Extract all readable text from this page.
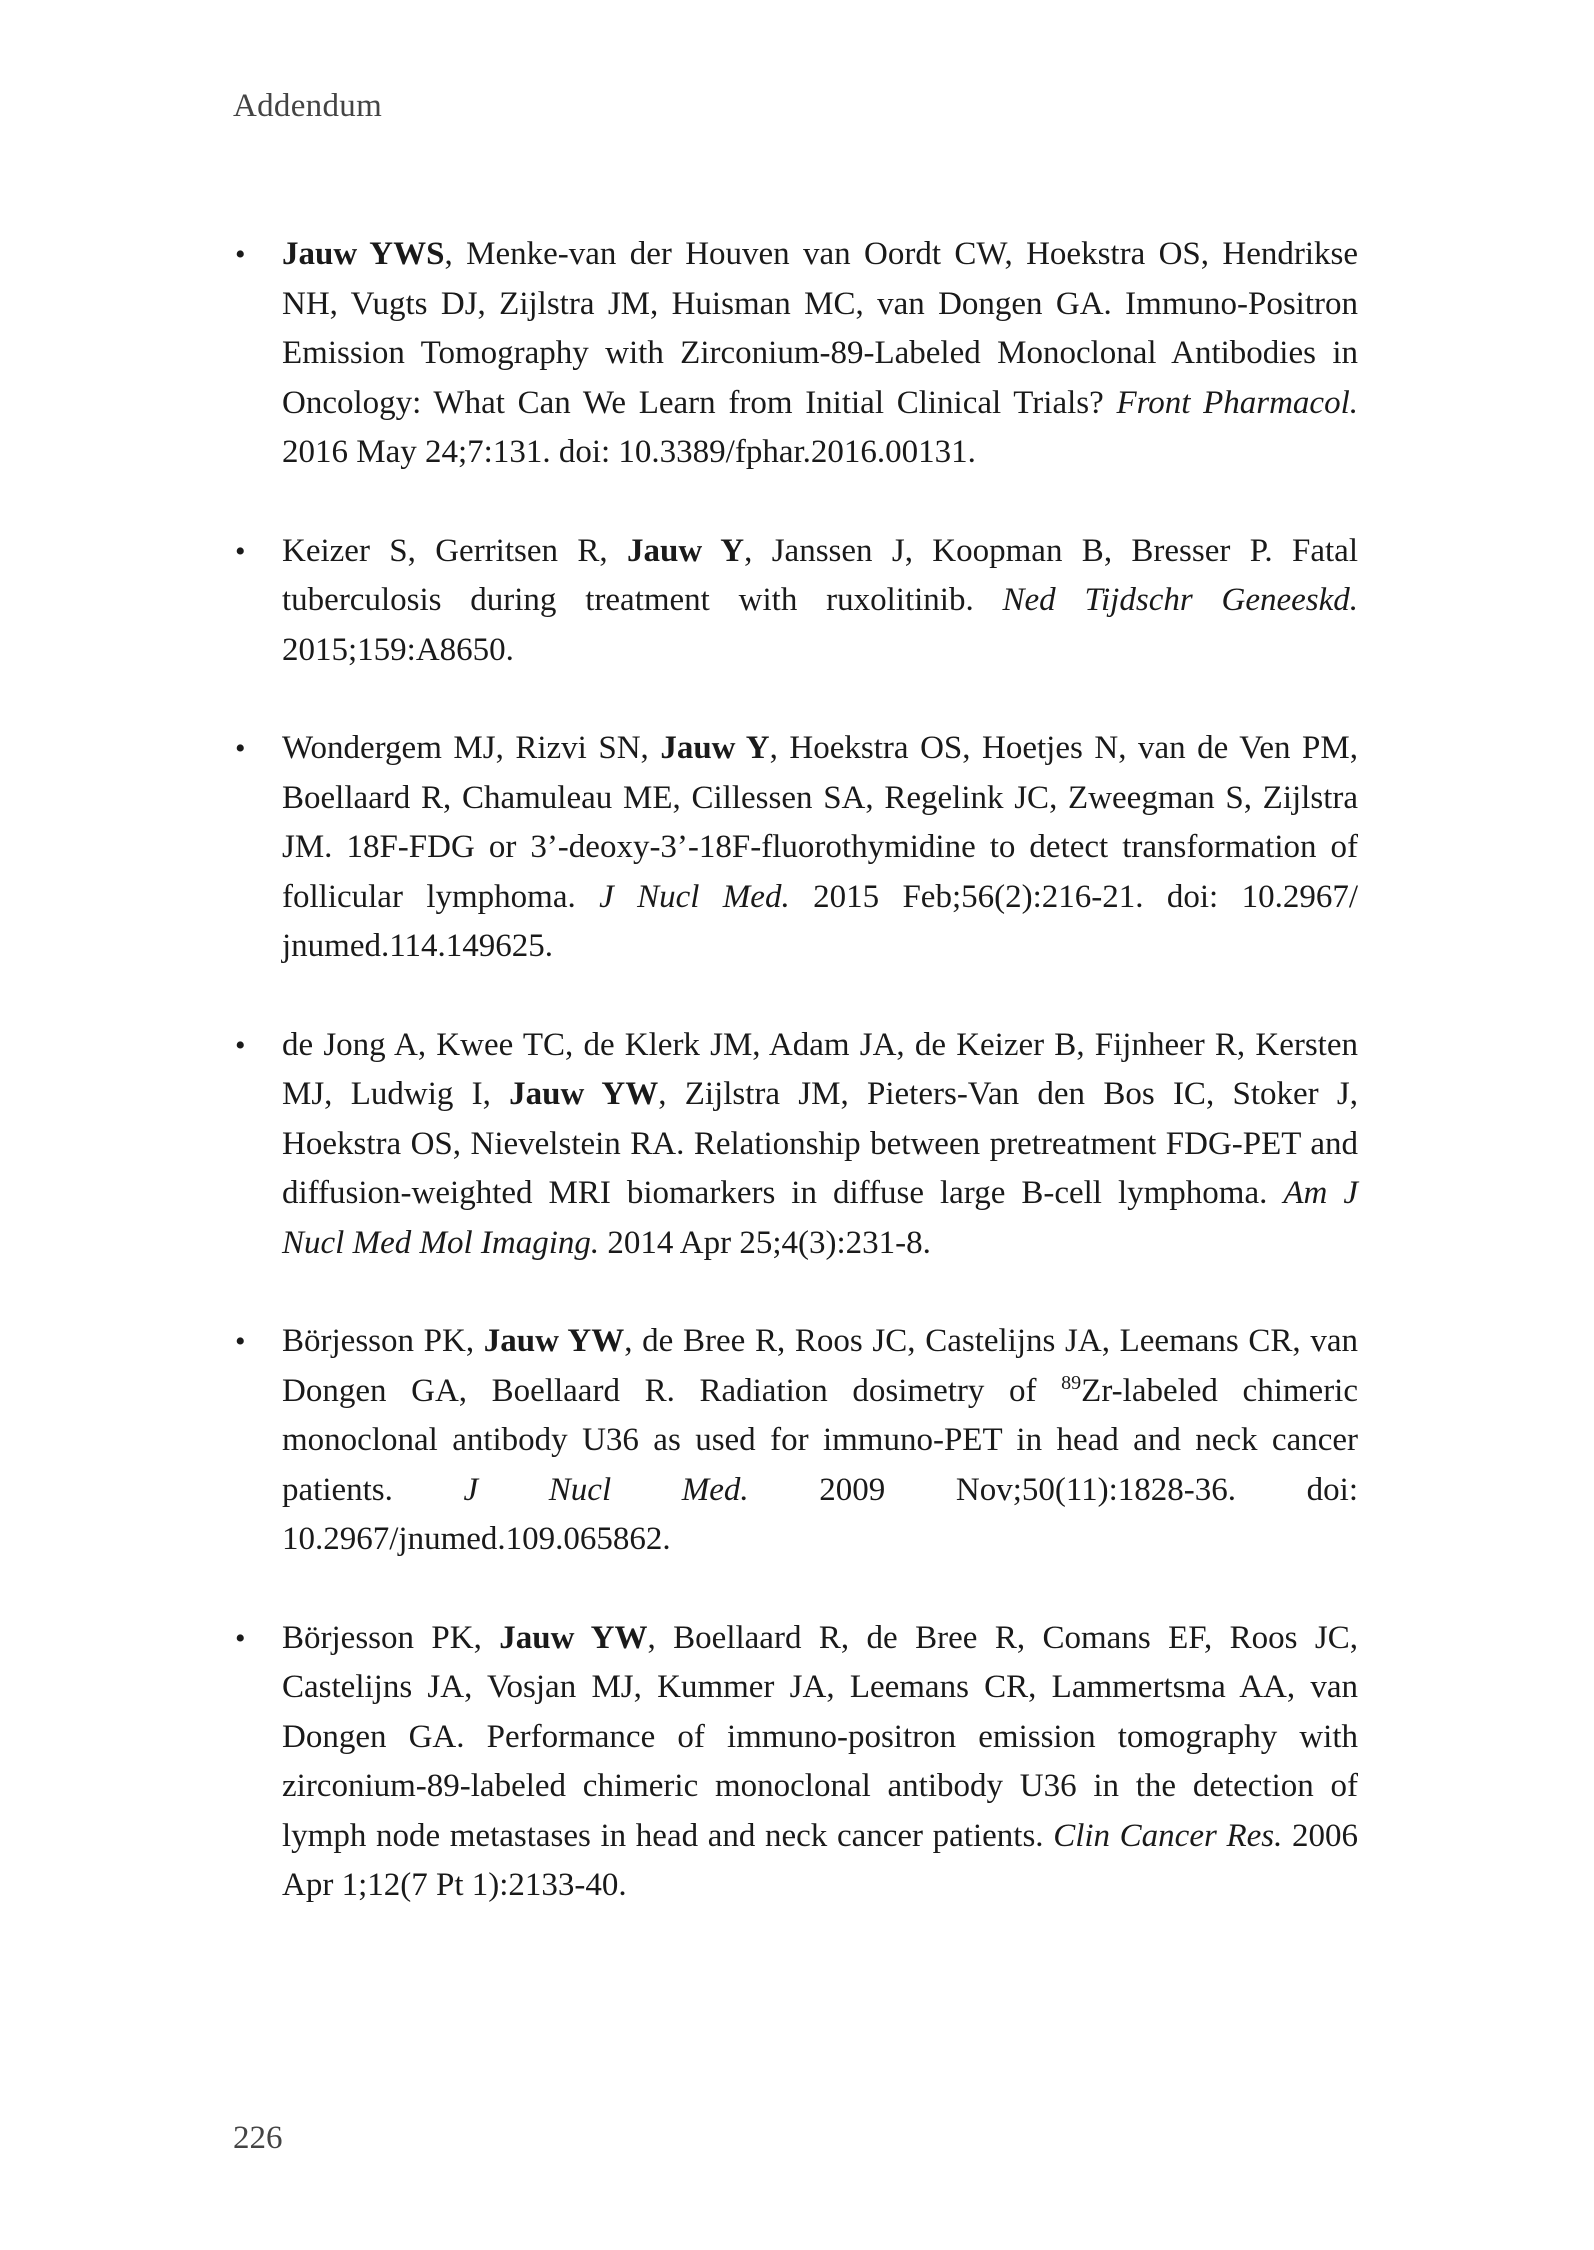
Addendum
• Jauw YWS, Menke-van der Houven van Oordt CW, Hoekstra OS, Hendrikse NH, Vugts DJ, Zijlstra JM, Huisman MC, van Dongen GA. Immuno-Positron Emission Tomography with Zirconium-89-Labeled Monoclonal Antibodies in Oncology: What Can We Learn from Initial Clinical Trials? Front Pharmacol. 2016 May 24;7:131. doi: 10.3389/fphar.2016.00131.
• Keizer S, Gerritsen R, Jauw Y, Janssen J, Koopman B, Bresser P. Fatal tuberculosis during treatment with ruxolitinib. Ned Tijdschr Geneeskd. 2015;159:A8650.
• Wondergem MJ, Rizvi SN, Jauw Y, Hoekstra OS, Hoetjes N, van de Ven PM, Boellaard R, Chamuleau ME, Cillessen SA, Regelink JC, Zweegman S, Zijlstra JM. 18F-FDG or 3’-deoxy-3’-18F-fluorothymidine to detect transformation of follicular lymphoma. J Nucl Med. 2015 Feb;56(2):216-21. doi: 10.2967/ jnumed.114.149625.
• de Jong A, Kwee TC, de Klerk JM, Adam JA, de Keizer B, Fijnheer R, Kersten MJ, Ludwig I, Jauw YW, Zijlstra JM, Pieters-Van den Bos IC, Stoker J, Hoekstra OS, Nievelstein RA. Relationship between pretreatment FDG-PET and diffusion-weighted MRI biomarkers in diffuse large B-cell lymphoma. Am J Nucl Med Mol Imaging. 2014 Apr 25;4(3):231-8.
• Börjesson PK, Jauw YW, de Bree R, Roos JC, Castelijns JA, Leemans CR, van Dongen GA, Boellaard R. Radiation dosimetry of $^{89}$Zr-labeled chimeric monoclonal antibody U36 as used for immuno-PET in head and neck cancer patients. J Nucl Med. 2009 Nov;50(11):1828-36. doi: 10.2967/jnumed.109.065862.
• Börjesson PK, Jauw YW, Boellaard R, de Bree R, Comans EF, Roos JC, Castelijns JA, Vosjan MJ, Kummer JA, Leemans CR, Lammertsma AA, van Dongen GA. Performance of immuno-positron emission tomography with zirconium-89-labeled chimeric monoclonal antibody U36 in the detection of lymph node metastases in head and neck cancer patients. Clin Cancer Res. 2006 Apr 1;12(7 Pt 1):2133-40.
226
